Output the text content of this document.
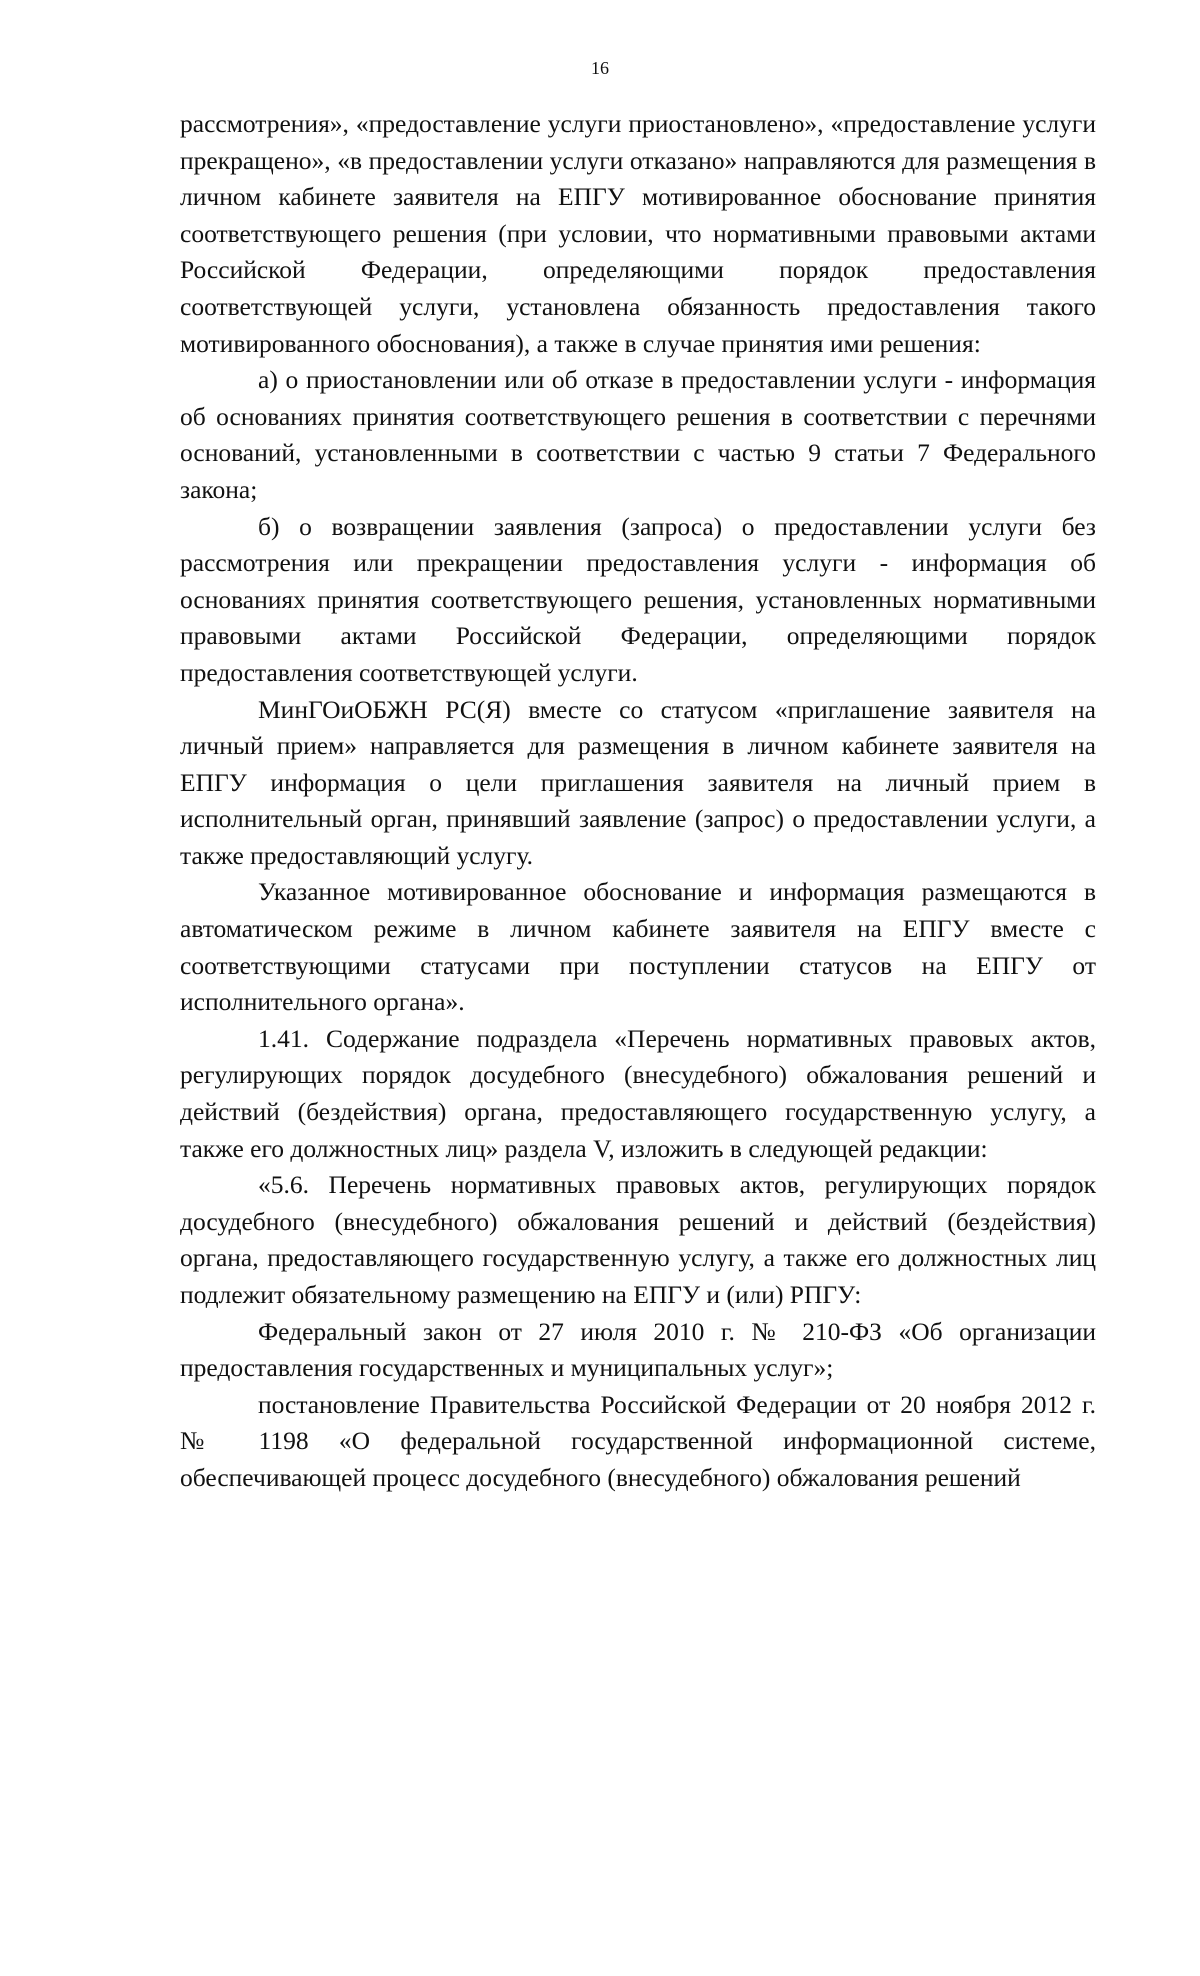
16

рассмотрения», «предоставление услуги приостановлено», «предоставление услуги прекращено», «в предоставлении услуги отказано» направляются для размещения в личном кабинете заявителя на ЕПГУ мотивированное обоснование принятия соответствующего решения (при условии, что нормативными правовыми актами Российской Федерации, определяющими порядок предоставления соответствующей услуги, установлена обязанность предоставления такого мотивированного обоснования), а также в случае принятия ими решения:

а) о приостановлении или об отказе в предоставлении услуги - информация об основаниях принятия соответствующего решения в соответствии с перечнями оснований, установленными в соответствии с частью 9 статьи 7 Федерального закона;

б) о возвращении заявления (запроса) о предоставлении услуги без рассмотрения или прекращении предоставления услуги - информация об основаниях принятия соответствующего решения, установленных нормативными правовыми актами Российской Федерации, определяющими порядок предоставления соответствующей услуги.

МинГОиОБЖН РС(Я) вместе со статусом «приглашение заявителя на личный прием» направляется для размещения в личном кабинете заявителя на ЕПГУ информация о цели приглашения заявителя на личный прием в исполнительный орган, принявший заявление (запрос) о предоставлении услуги, а также предоставляющий услугу.

Указанное мотивированное обоснование и информация размещаются в автоматическом режиме в личном кабинете заявителя на ЕПГУ вместе с соответствующими статусами при поступлении статусов на ЕПГУ от исполнительного органа».

1.41. Содержание подраздела «Перечень нормативных правовых актов, регулирующих порядок досудебного (внесудебного) обжалования решений и действий (бездействия) органа, предоставляющего государственную услугу, а также его должностных лиц» раздела V, изложить в следующей редакции:

«5.6. Перечень нормативных правовых актов, регулирующих порядок досудебного (внесудебного) обжалования решений и действий (бездействия) органа, предоставляющего государственную услугу, а также его должностных лиц подлежит обязательному размещению на ЕПГУ и (или) РПГУ:

Федеральный закон от 27 июля 2010 г. № 210-ФЗ «Об организации предоставления государственных и муниципальных услуг»;

постановление Правительства Российской Федерации от 20 ноября 2012 г. № 1198 «О федеральной государственной информационной системе, обеспечивающей процесс досудебного (внесудебного) обжалования решений
